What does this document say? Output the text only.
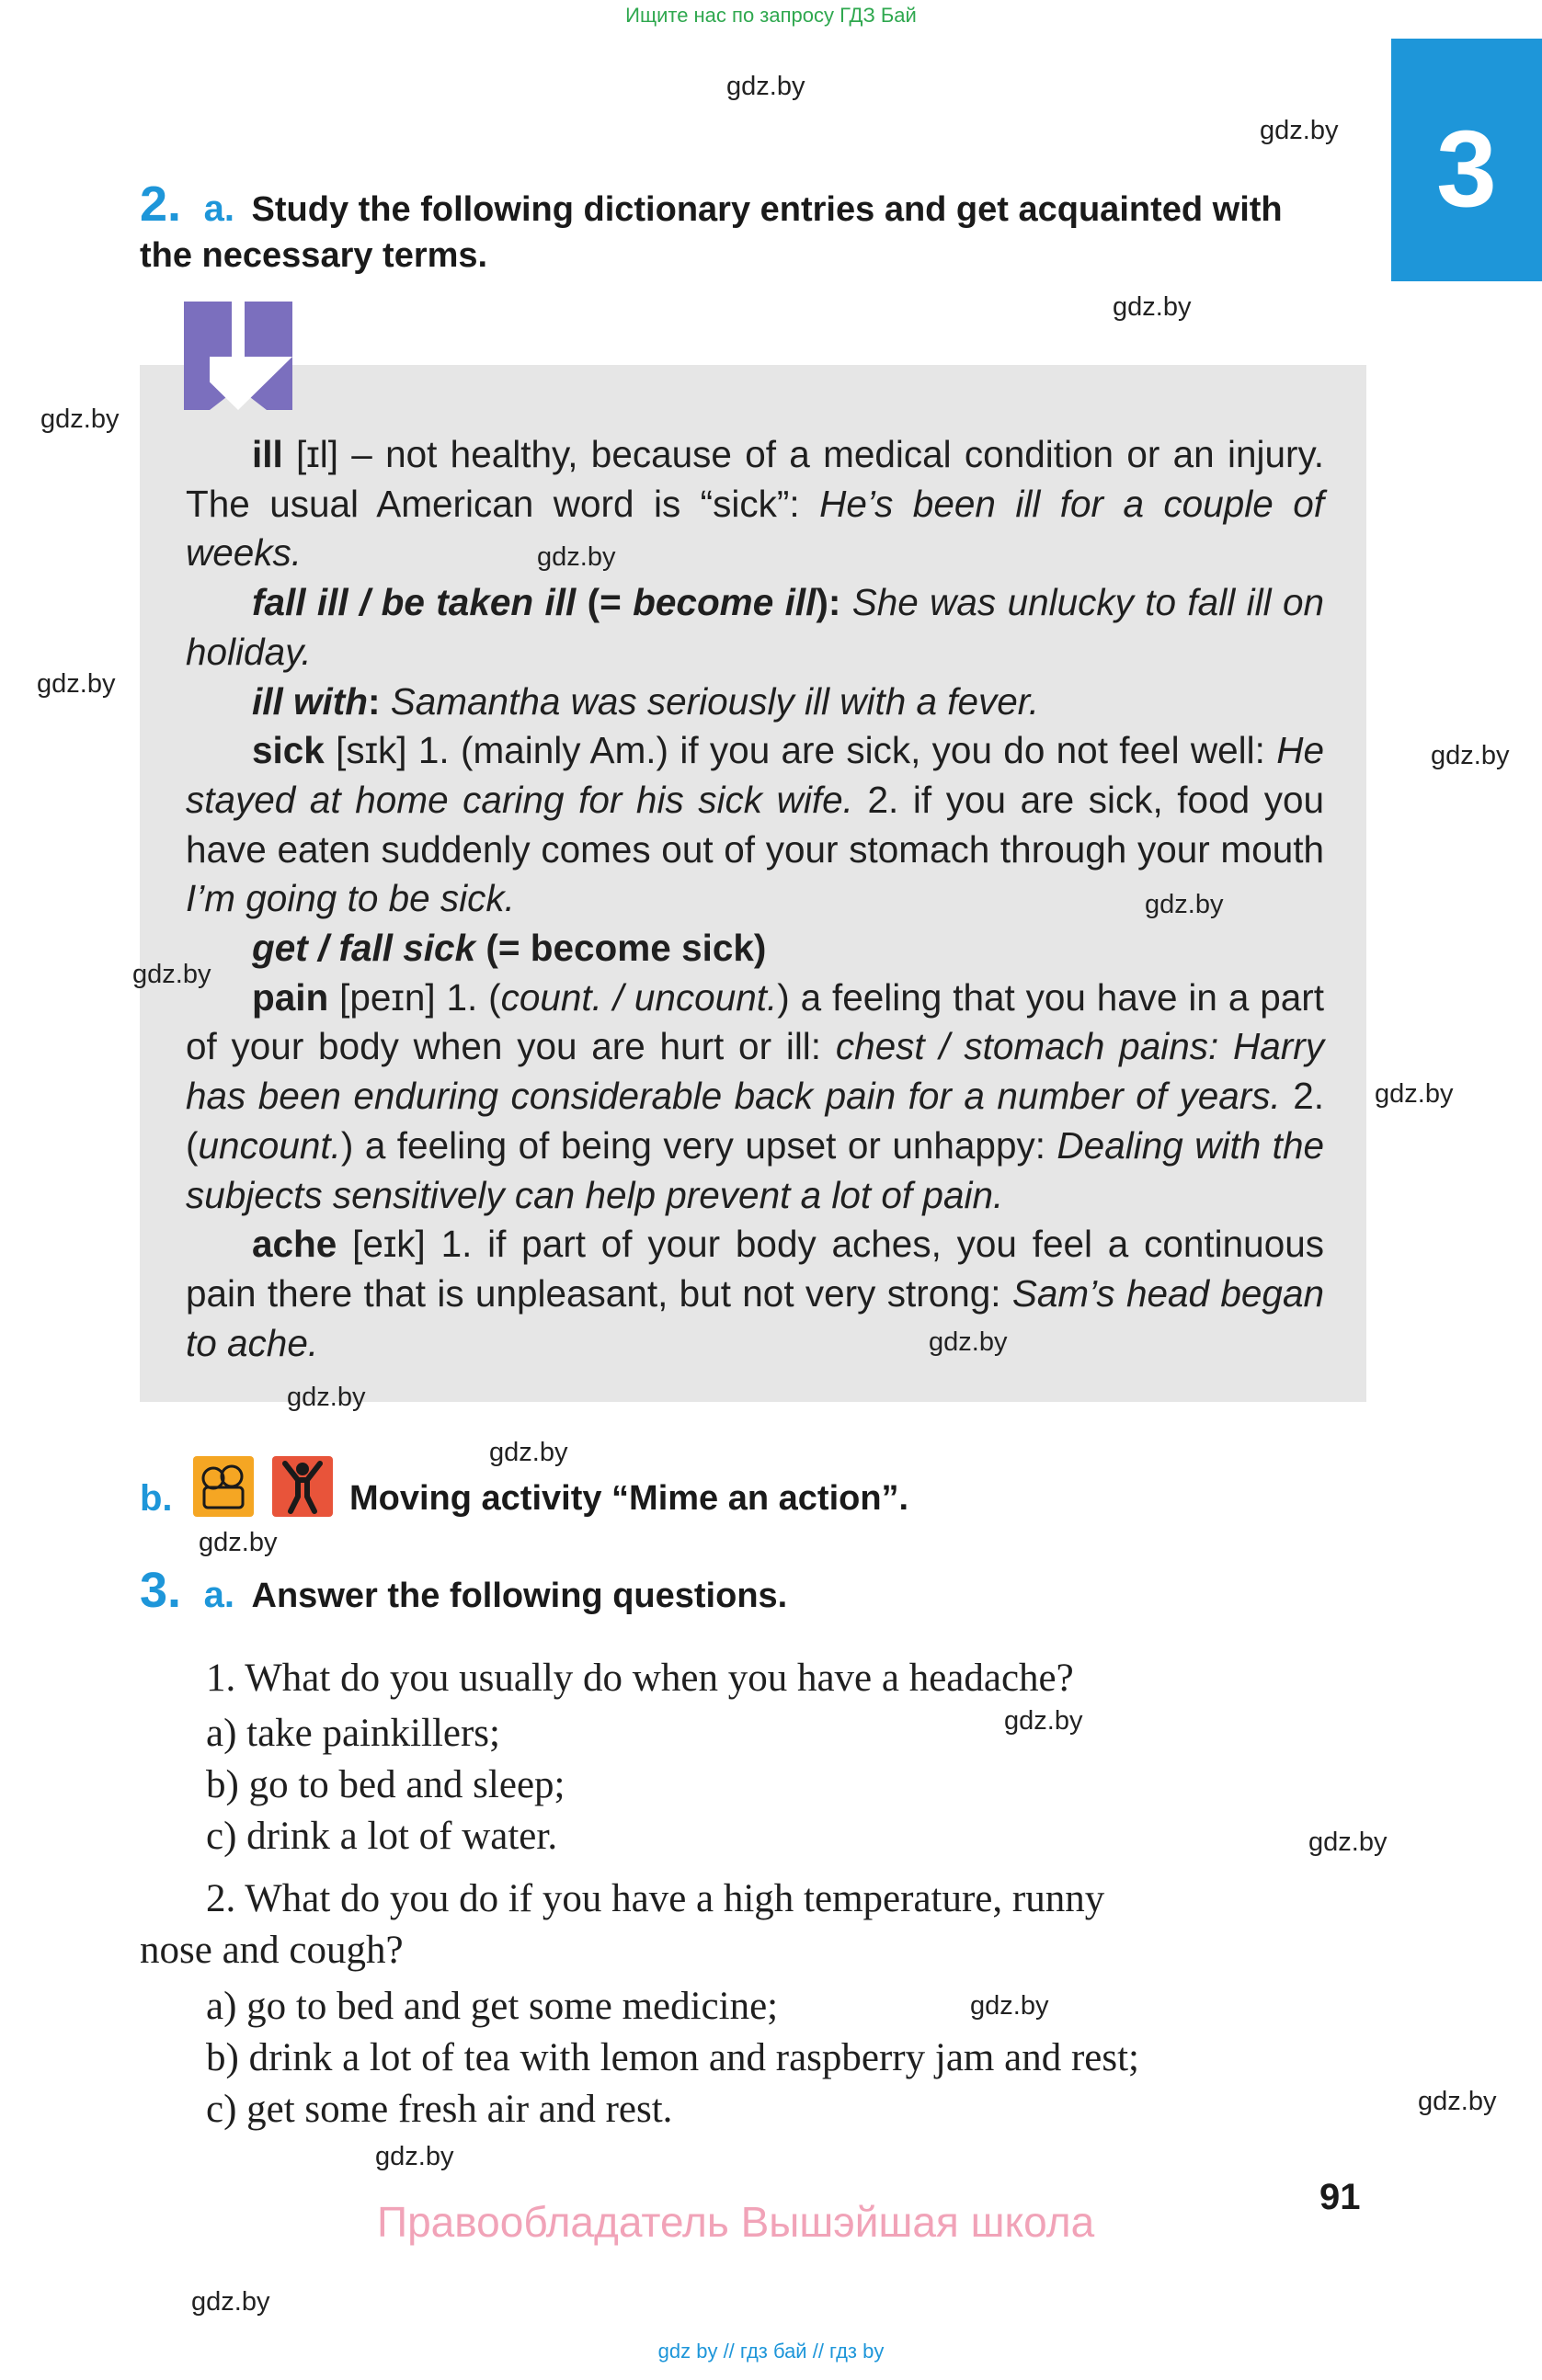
Ищите нас по запросу ГДЗ Бай
3
2. a. Study the following dictionary entries and get acquainted with
the necessary terms.

ill [ɪl] – not healthy, because of a medical condition or an injury. The usual American word is “sick”: He’s been ill for a couple of weeks.

fall ill / be taken ill (= become ill): She was unlucky to fall ill on holiday.

ill with: Samantha was seriously ill with a fever.

sick [sɪk] 1. (mainly Am.) if you are sick, you do not feel well: He stayed at home caring for his sick wife. 2. if you are sick, food you have eaten suddenly comes out of your stomach through your mouth I’m going to be sick.

get / fall sick (= become sick)

pain [peɪn] 1. (count. / uncount.) a feeling that you have in a part of your body when you are hurt or ill: chest / stomach pains: Harry has been enduring considerable back pain for a number of years. 2. (uncount.) a feeling of being very upset or unhappy: Dealing with the subjects sensitively can help prevent a lot of pain.

ache [eɪk] 1. if part of your body aches, you feel a continuous pain there that is unpleasant, but not very strong: Sam’s head began to ache.

b.	Moving activity “Mime an action”.
3. a. Answer the following questions.
1. What do you usually do when you have a headache?
a) take painkillers;
b) go to bed and sleep;
c) drink a lot of water.
2. What do you do if you have a high temperature, runny
nose and cough?
a) go to bed and get some medicine;
b) drink a lot of tea with lemon and raspberry jam and rest;
c) get some fresh air and rest.
91
Правообладатель Вышэйшая школа
gdz by // гдз бай // гдз by
gdz.by
gdz.by
gdz.by
gdz.by
gdz.by
gdz.by
gdz.by
gdz.by
gdz.by
gdz.by
gdz.by
gdz.by
gdz.by
gdz.by
gdz.by
gdz.by
gdz.by
gdz.by
gdz.by
gdz.by
